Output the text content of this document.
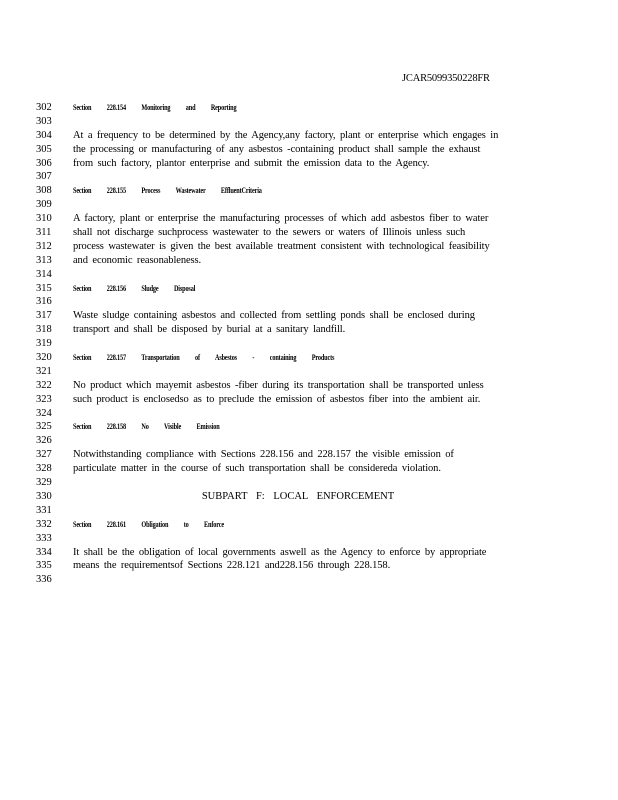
JCAR5099350228FR
302	Section 228.154 Monitoring and Reporting
303
304	At a frequency to be determined by the Agency,any factory, plant or enterprise which engages in
305	the processing or manufacturing of any asbestos -containing product shall sample the exhaust
306	from such factory, plantor enterprise and submit the emission data to the Agency.
307
308	Section 228.155 Process Wastewater EffluentCriteria
309
310	A factory, plant or enterprise the manufacturing processes of which add asbestos fiber to water
311	shall not discharge suchprocess wastewater to the sewers or waters of Illinois unless such
312	process wastewater is given the best available treatment consistent with technological feasibility
313	and economic reasonableness.
314
315	Section 228.156 Sludge Disposal
316
317	Waste sludge containing asbestos and collected from settling ponds shall be enclosed during
318	transport and shall be disposed by burial at a sanitary landfill.
319
320	Section 228.157 Transportation of Asbestos - containing Products
321
322	No product which mayemit asbestos -fiber during its transportation shall be transported unless
323	such product is enclosedso as to preclude the emission of asbestos fiber into the ambient air.
324
325	Section 228.158 No Visible Emission
326
327	Notwithstanding compliance with Sections 228.156 and 228.157 the visible emission of
328	particulate matter in the course of such transportation shall be considereda violation.
329
330	SUBPART F: LOCAL ENFORCEMENT
331
332	Section 228.161 Obligation to Enforce
333
334	It shall be the obligation of local governments aswell as the Agency to enforce by appropriate
335	means the requirementsof Sections 228.121 and228.156 through 228.158.
336
